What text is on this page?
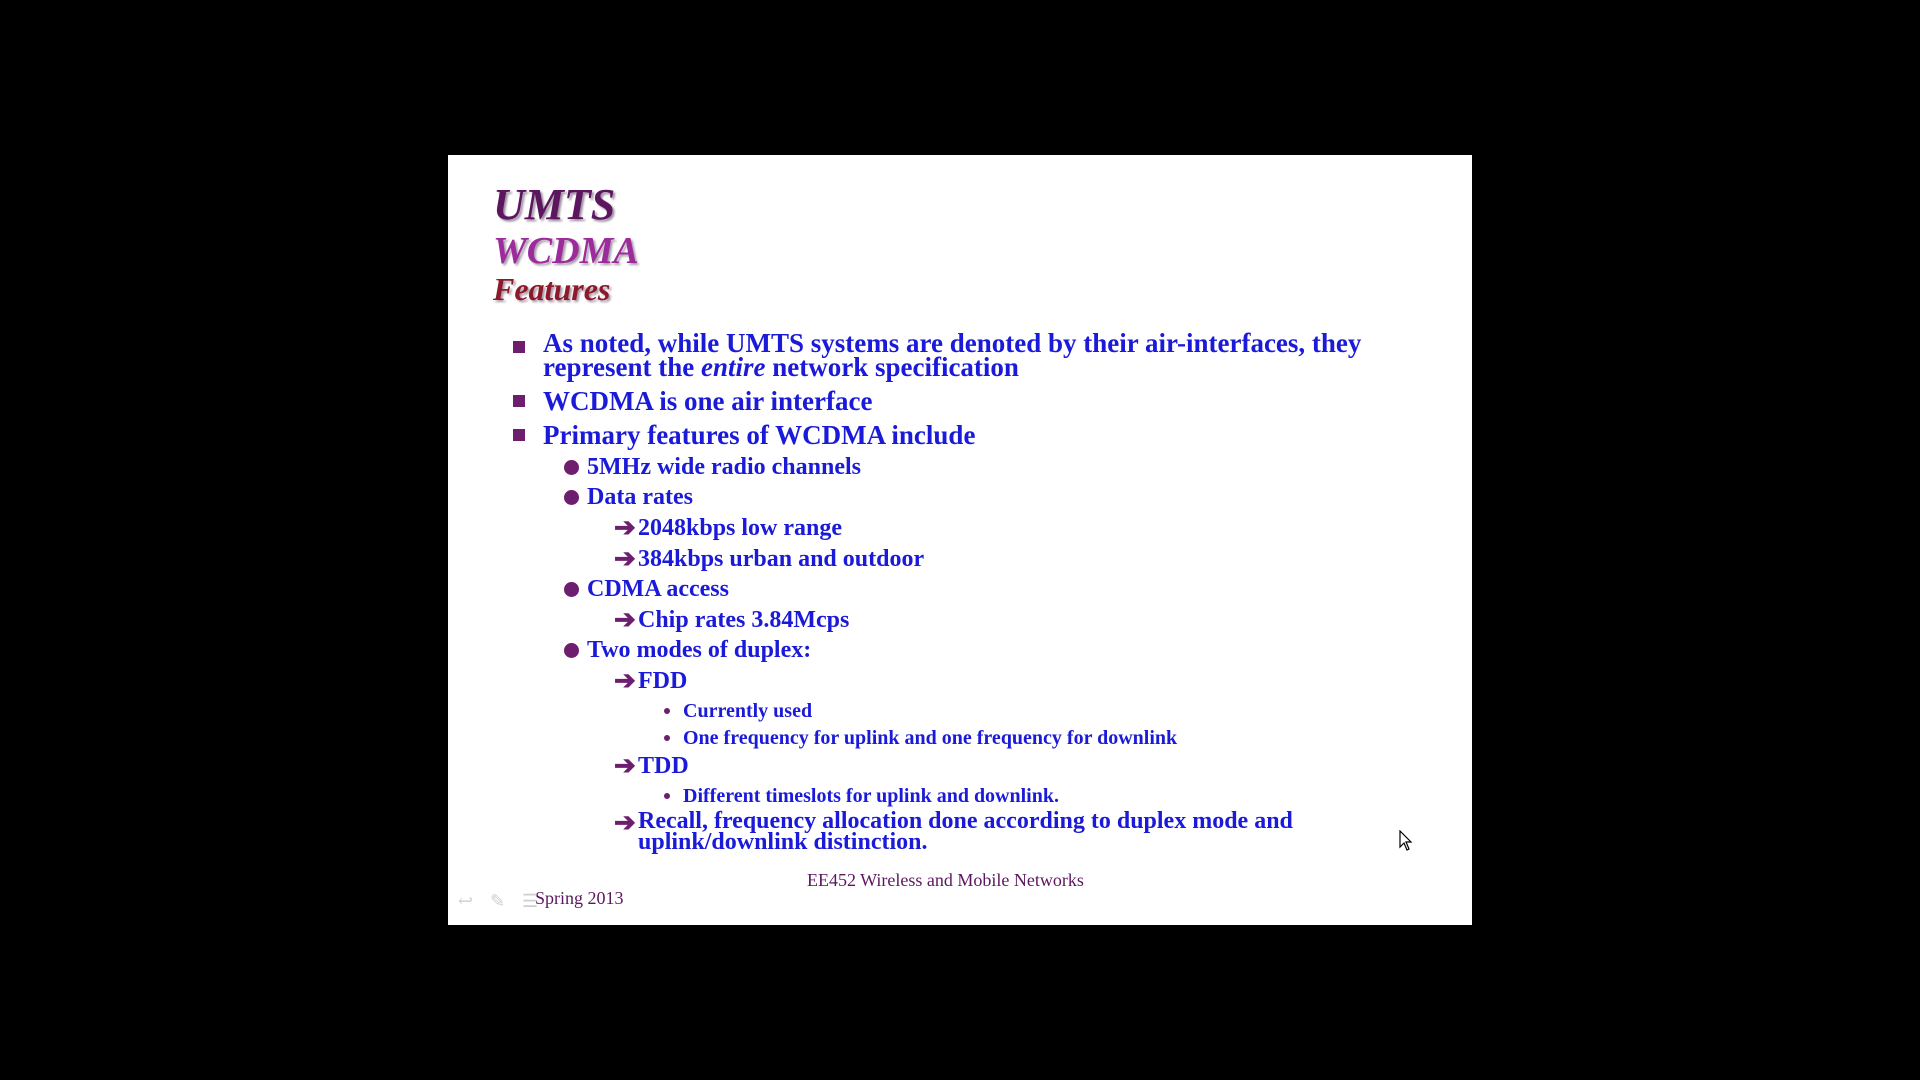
UMTS
WCDMA
Features
As noted, while UMTS systems are denoted by their air-interfaces, they
represent the entire network specification
WCDMA is one air interface
Primary features of WCDMA include
5MHz wide radio channels
Data rates
➔ 2048kbps low range
➔ 384kbps urban and outdoor
CDMA access
➔ Chip rates 3.84Mcps
Two modes of duplex:
➔ FDD
Currently used
One frequency for uplink and one frequency for downlink
➔ TDD
Different timeslots for uplink and downlink.
➔ Recall, frequency allocation done according to duplex mode and
uplink/downlink distinction.
EE452 Wireless and Mobile Networks
Spring 2013
↩ ✎ ☰
